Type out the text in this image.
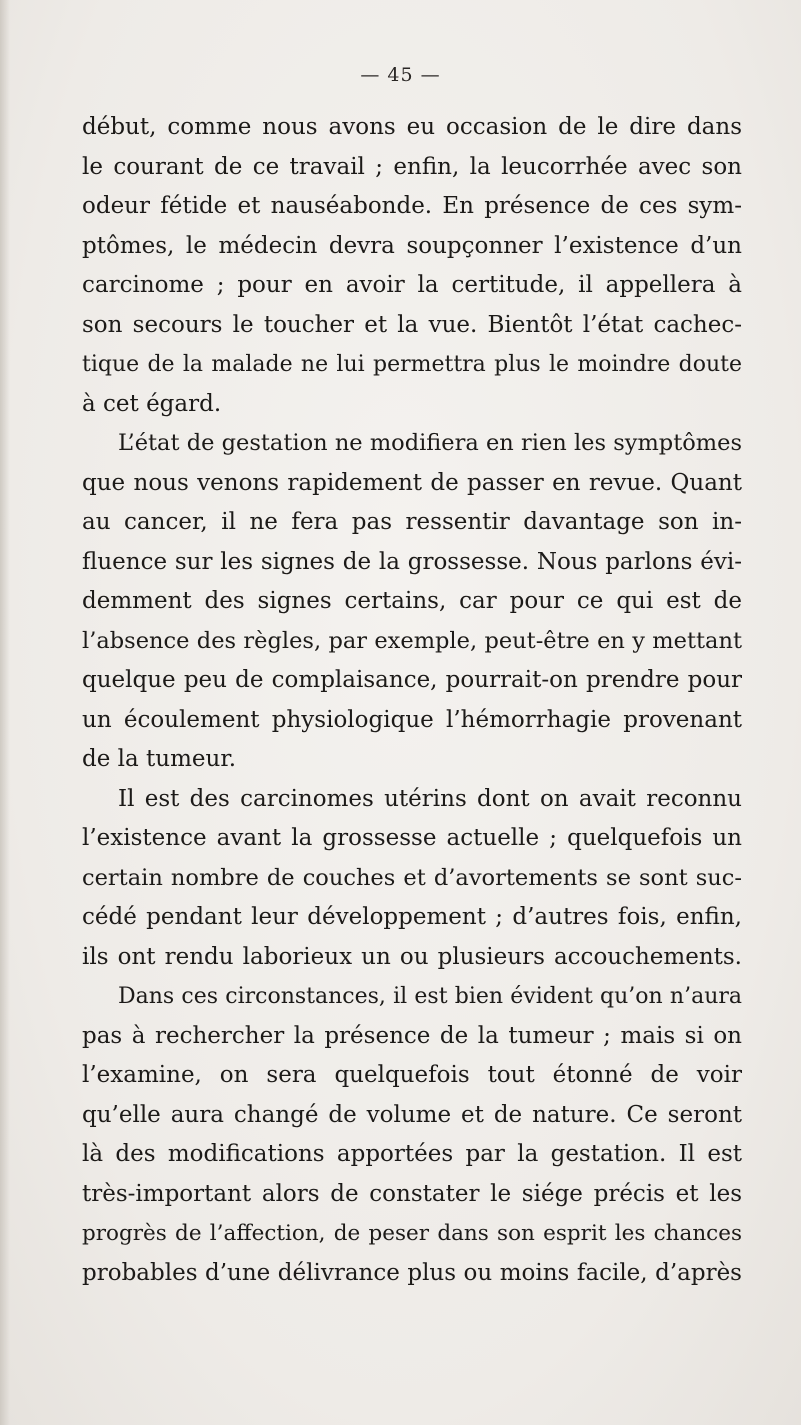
— 45 —
début, comme nous avons eu occasion de le dire dans
le courant de ce travail ; enfin, la leucorrhée avec son
odeur fétide et nauséabonde. En présence de ces sym-
ptômes, le médecin devra soupçonner l’existence d’un
carcinome ; pour en avoir la certitude, il appellera à
son secours le toucher et la vue. Bientôt l’état cachec-
tique de la malade ne lui permettra plus le moindre doute
à cet égard.
L’état de gestation ne modifiera en rien les symptômes
que nous venons rapidement de passer en revue. Quant
au cancer, il ne fera pas ressentir davantage son in-
fluence sur les signes de la grossesse. Nous parlons évi-
demment des signes certains, car pour ce qui est de
l’absence des règles, par exemple, peut-être en y mettant
quelque peu de complaisance, pourrait-on prendre pour
un écoulement physiologique l’hémorrhagie provenant
de la tumeur.
Il est des carcinomes utérins dont on avait reconnu
l’existence avant la grossesse actuelle ; quelquefois un
certain nombre de couches et d’avortements se sont suc-
cédé pendant leur développement ; d’autres fois, enfin,
ils ont rendu laborieux un ou plusieurs accouchements.
Dans ces circonstances, il est bien évident qu’on n’aura
pas à rechercher la présence de la tumeur ; mais si on
l’examine, on sera quelquefois tout étonné de voir
qu’elle aura changé de volume et de nature. Ce seront
là des modifications apportées par la gestation. Il est
très-important alors de constater le siége précis et les
progrès de l’affection, de peser dans son esprit les chances
probables d’une délivrance plus ou moins facile, d’après
